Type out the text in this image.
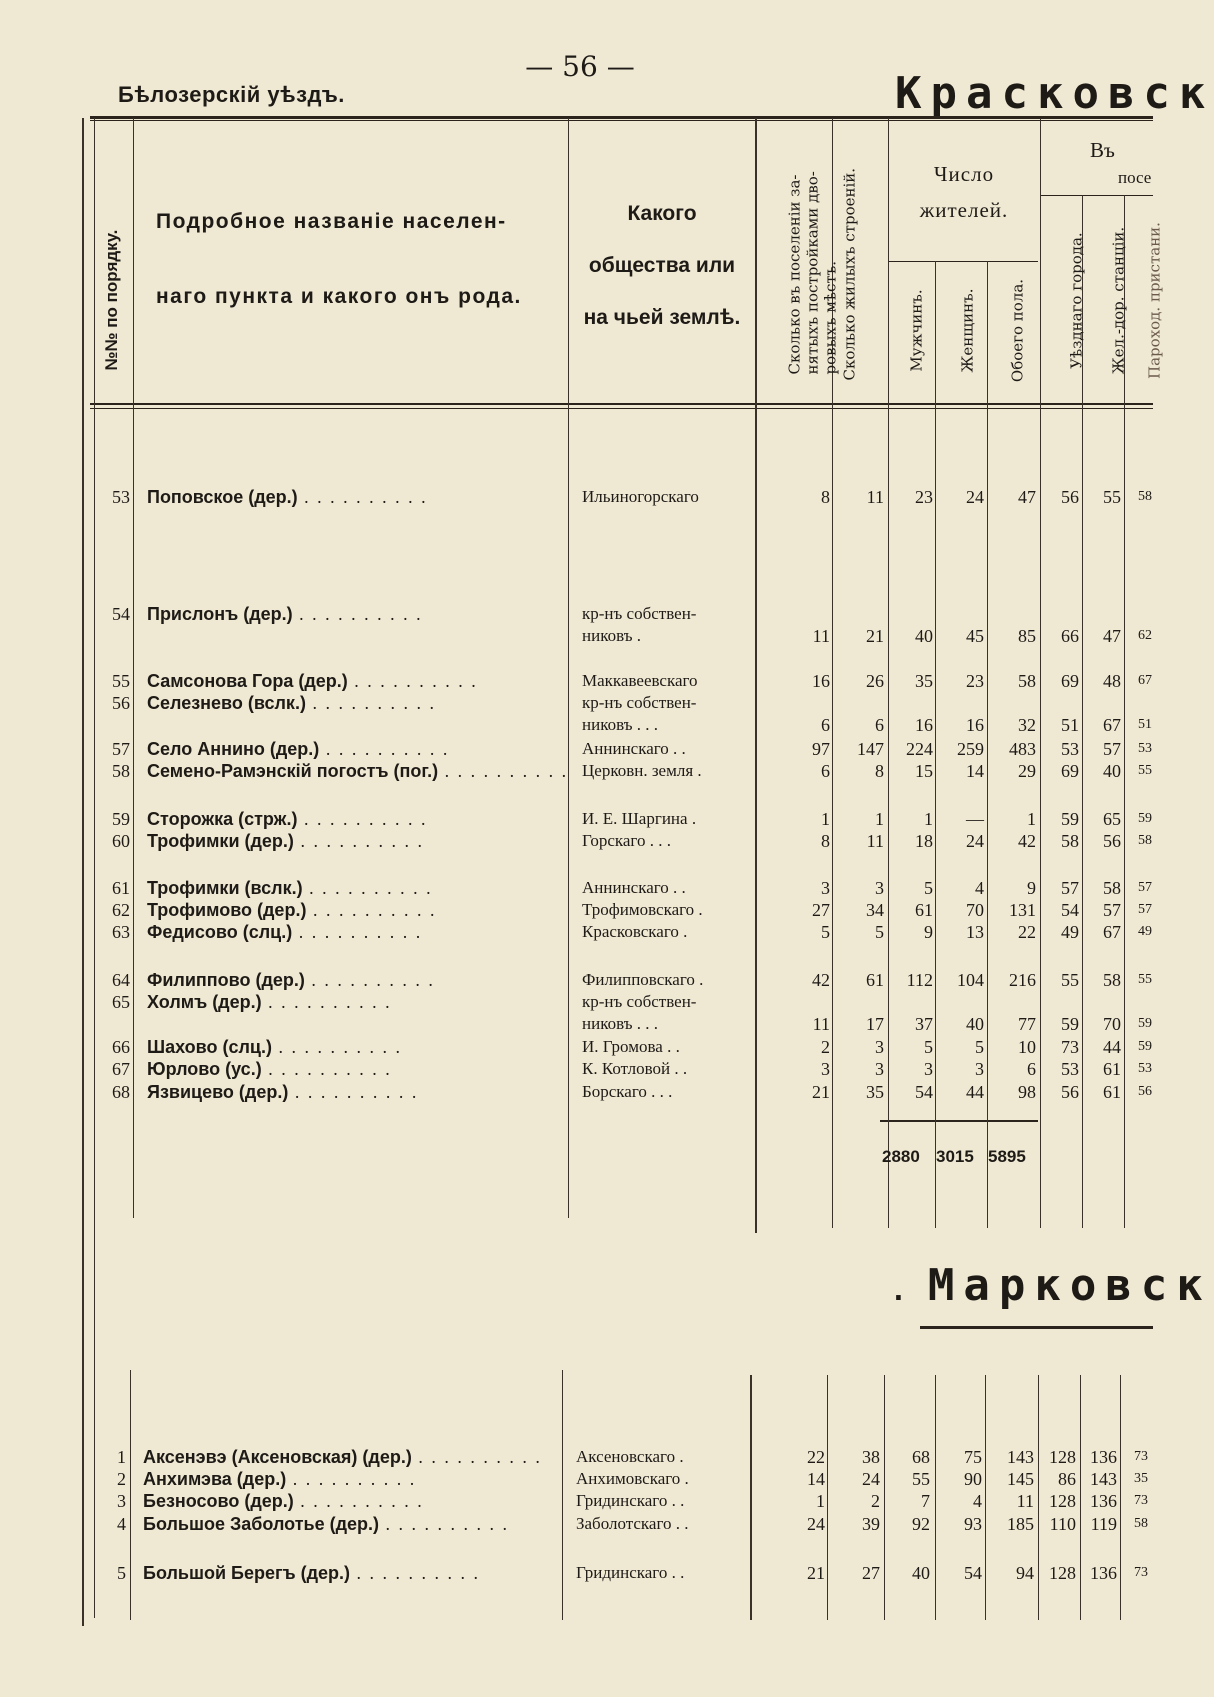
— 56 —
Бѣлозерскій уѣздъ.	Красковск
№№ по порядку.
Подробное названіе населен-
наго пункта и какого онъ рода.
Какого
общества или
на чьей землѣ.	Сколько въ поселеніи за- нятыхъ постройками дво- ровыхъ мѣстъ. Сколько жилыхъ строеній.	Число
жителей.
Мужчинъ. Женщинъ. Обоего пола.
Въ
посе
Уѣзднаго города. Жел.-дор. станціи. Пароход. пристани.
53 Поповское (дер.) . . . . . . . . . .	Ильиногорскаго	8	11	23	24	47	56	55 58
54 Прислонъ (дер.) . . . . . . . . . .	кр-нъ собствен-
никовъ .	11	21	40	45	85	66	47 62
55 Самсонова Гора (дер.) . . . . . . . . . .	Маккавеевскаго	16	26	35	23	58	69	48 67
56 Селезнево (вслк.) . . . . . . . . . .	кр-нъ собствен-
никовъ . . .	6	6	16	16	32	51	67 51
57 Село Аннино (дер.) . . . . . . . . . .	Аннинскаго . .	97	147	224	259	483	53	57 53
58 Семено-Рамэнскій погостъ (пог.) . . . . . . . . . . Церковн. земля .	6	8	15	14	29	69	40 55
59 Сторожка (стрж.) . . . . . . . . . .	И. Е. Шаргина .	1	1	1	—	1	59	65 59
60 Трофимки (дер.) . . . . . . . . . .	Горскаго . . .	8	11	18	24	42	58	56 58
61 Трофимки (вслк.) . . . . . . . . . .	Аннинскаго . .	3	3	5	4	9	57	58 57
62 Трофимово (дер.) . . . . . . . . . .	Трофимовскаго .	27	34	61	70	131	54	57 57
63 Федисово (слц.) . . . . . . . . . .	Красковскаго .	5	5	9	13	22	49	67 49
64 Филиппово (дер.) . . . . . . . . . .	Филипповскаго .	42	61	112	104	216	55	58 55
65 Холмъ (дер.) . . . . . . . . . .	кр-нъ собствен-
никовъ . . .	11	17	37	40	77	59	70 59
66 Шахово (слц.) . . . . . . . . . .	И. Громова . .	2	3	5	5	10	73	44 59
67 Юрлово (ус.) . . . . . . . . . .	К. Котловой . .	3	3	3	3	6	53	61 53
68 Язвицево (дер.) . . . . . . . . . .	Борскаго . . .	21	35	54	44	98	56	61 56
1 Аксенэвэ (Аксеновская) (дер.) . . . . . . . . . .	Аксеновскаго .	22	38	68	75	143 128 136 73
2 Анхимэва (дер.) . . . . . . . . . .	Анхимовскаго .	14	24	55	90	145	86 143 35
3 Безносово (дер.) . . . . . . . . . .	Гридинскаго . .	1	2	7	4	11 128 136 73
4 Большое Заболотье (дер.) . . . . . . . . . .	Заболотскаго . .	24	39	92	93	185 110 119 58
5 Большой Берегъ (дер.) . . . . . . . . . .	Гридинскаго . .	21	27	40	54	94 128 136 73
2880 3015 5895
. Марковск
